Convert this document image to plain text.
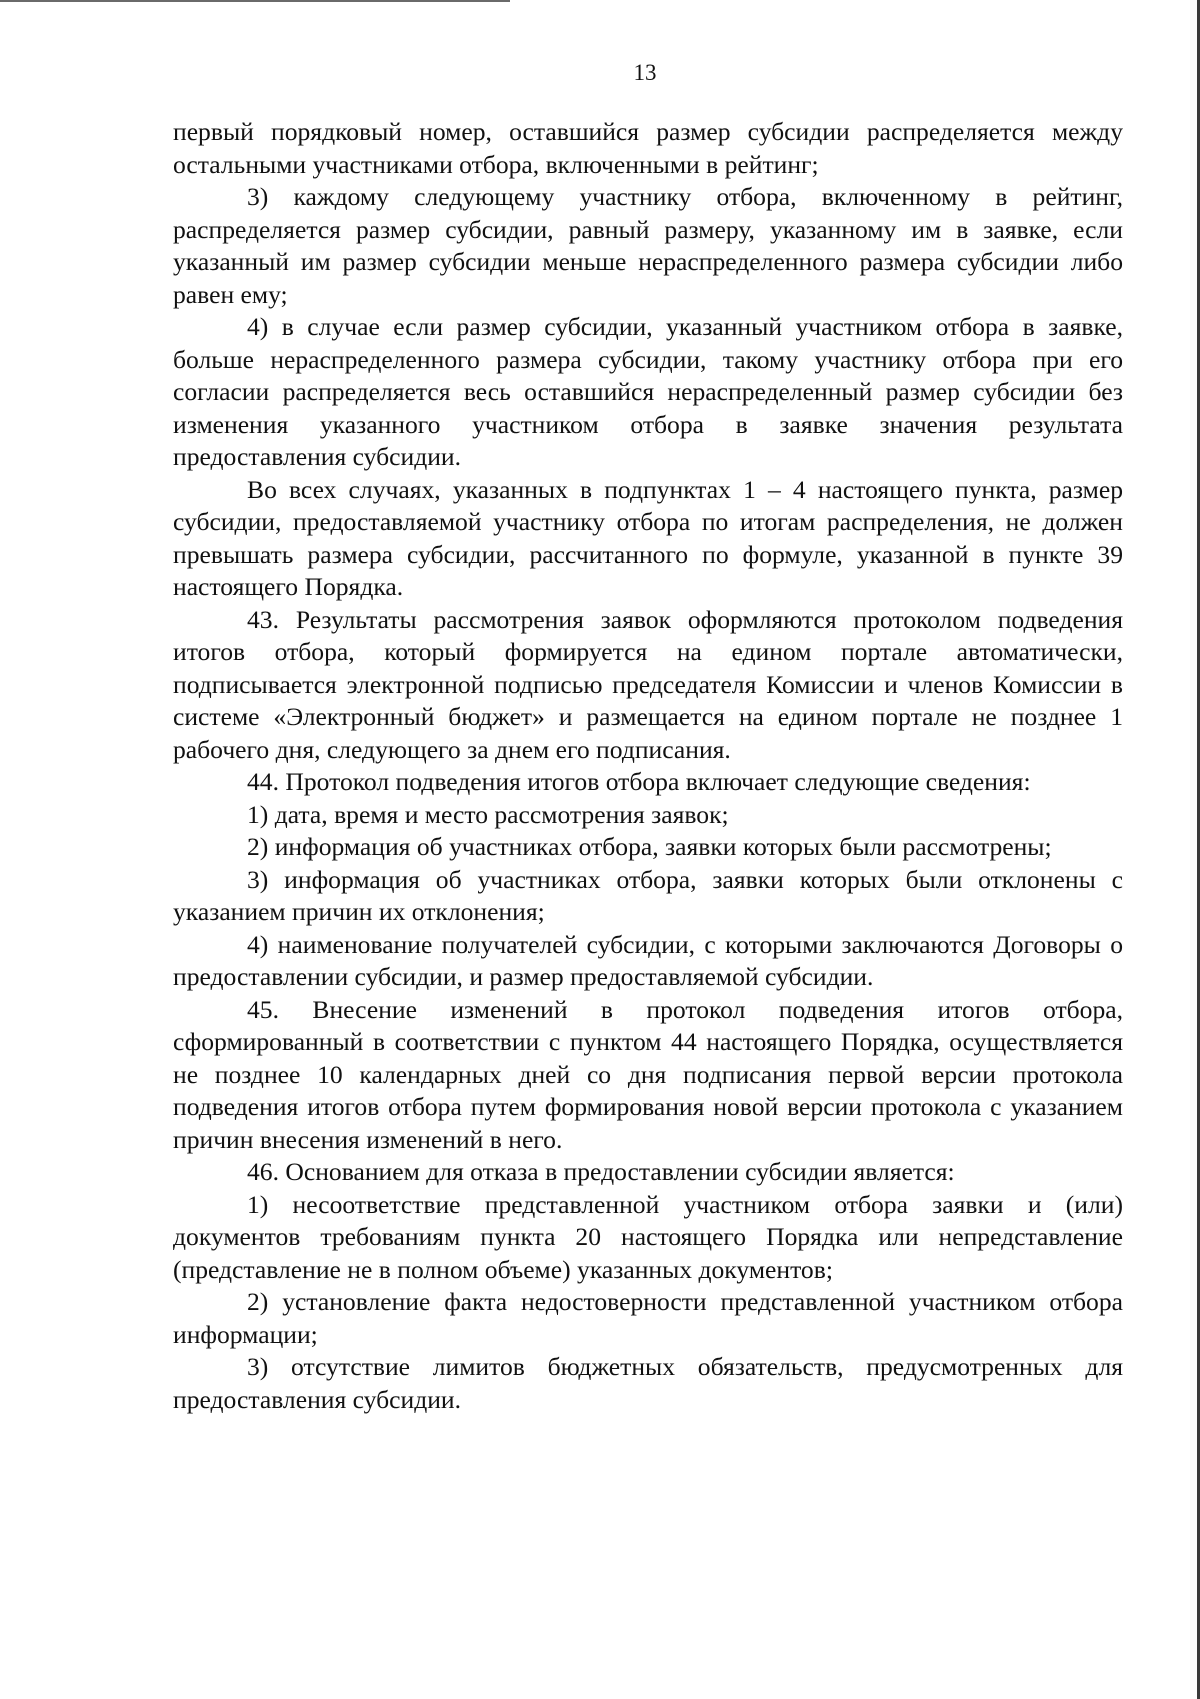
13

первый порядковый номер, оставшийся размер субсидии распределяется между остальными участниками отбора, включенными в рейтинг;

3) каждому следующему участнику отбора, включенному в рейтинг, распределяется размер субсидии, равный размеру, указанному им в заявке, если указанный им размер субсидии меньше нераспределенного размера субсидии либо равен ему;

4) в случае если размер субсидии, указанный участником отбора в заявке, больше нераспределенного размера субсидии, такому участнику отбора при его согласии распределяется весь оставшийся нераспределенный размер субсидии без изменения указанного участником отбора в заявке значения результата предоставления субсидии.

Во всех случаях, указанных в подпунктах 1 – 4 настоящего пункта, размер субсидии, предоставляемой участнику отбора по итогам распределения, не должен превышать размера субсидии, рассчитанного по формуле, указанной в пункте 39 настоящего Порядка.

43. Результаты рассмотрения заявок оформляются протоколом подведения итогов отбора, который формируется на едином портале автоматически, подписывается электронной подписью председателя Комиссии и членов Комиссии в системе «Электронный бюджет» и размещается на едином портале не позднее 1 рабочего дня, следующего за днем его подписания.

44. Протокол подведения итогов отбора включает следующие сведения:

1) дата, время и место рассмотрения заявок;

2) информация об участниках отбора, заявки которых были рассмотрены;

3) информация об участниках отбора, заявки которых были отклонены с указанием причин их отклонения;

4) наименование получателей субсидии, с которыми заключаются Договоры о предоставлении субсидии, и размер предоставляемой субсидии.

45. Внесение изменений в протокол подведения итогов отбора, сформированный в соответствии с пунктом 44 настоящего Порядка, осуществляется не позднее 10 календарных дней со дня подписания первой версии протокола подведения итогов отбора путем формирования новой версии протокола с указанием причин внесения изменений в него.

46. Основанием для отказа в предоставлении субсидии является:

1) несоответствие представленной участником отбора заявки и (или) документов требованиям пункта 20 настоящего Порядка или непредставление (представление не в полном объеме) указанных документов;

2) установление факта недостоверности представленной участником отбора информации;

3) отсутствие лимитов бюджетных обязательств, предусмотренных для предоставления субсидии.
